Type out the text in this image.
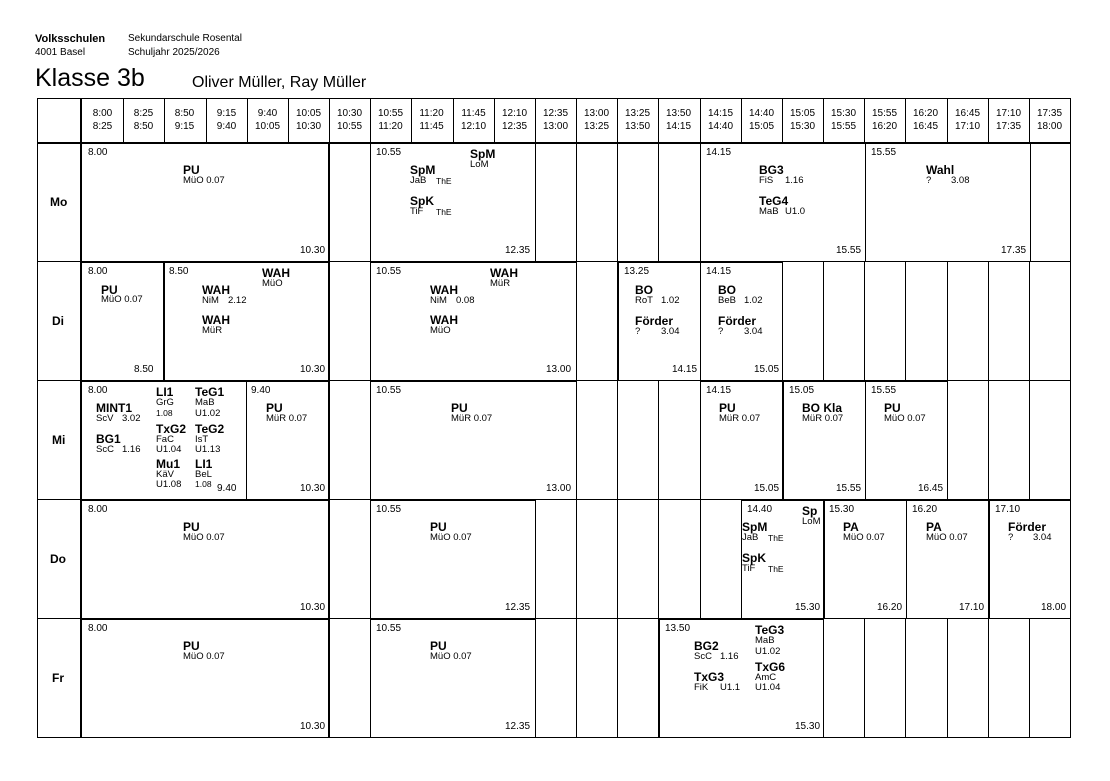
Volksschulen
4001 Basel
Sekundarschule Rosental
Schuljahr 2025/2026
Klasse 3b	Oliver Müller, Ray Müller
Mo
Di
Mi
Do
Fr
8:00
8:25
8:25
8:50
8:50
9:15
9:15
9:40
9:40
10:05
10:05
10:30
10:30
10:55
10:55
11:20
11:20
11:45
11:45
12:10
12:10
12:35
12:35
13:00
13:00
13:25
13:25
13:50
13:50
14:15
14:15
14:40
14:40
15:05
15:05
15:30
15:30
15:55
15:55
16:20
16:20
16:45
16:45
17:10
17:10
17:35
17:35
18:00
8.00
PU
MüO 0.07
10.30
10.55
SpM
JaB ThE
SpM
LoM
SpK
TiF ThE
12.35
14.15
BG3
FiS 1.16
TeG4
MaB U1.0
15.55
15.55
Wahl
? 3.08
17.35
8.00
PU
MüO 0.07
8.50
8.50
WAH
NiM 2.12
WAH
MüO
WAH
MüR
10.30
10.55
WAH
NiM 0.08
WAH
MüR
WAH
MüO
13.00
13.25
BO
RoT 1.02
Förder
? 3.04
14.15
14.15
BO
BeB 1.02
Förder
? 3.04
15.05
8.00
MINT1
ScV 3.02
BG1
ScC 1.16
LI1
GrG
1.08
TeG1
MaB
U1.02
TxG2
FaC
U1.04
TeG2
IsT
U1.13
Mu1
KäV
U1.08
LI1
BeL
1.08 9.40
9.40
PU
MüR 0.07
10.30
10.55
PU
MüR 0.07
13.00
14.15
PU
MüR 0.07
15.05
15.05
BO Kla
MüR 0.07
15.55
15.55
PU
MüO 0.07
16.45
8.00
PU
MüO 0.07
10.30
10.55
PU
MüO 0.07
12.35
14.40
SpM
JaB ThE
Sp
LoM
SpK
TiF ThE
15.30
15.30
PA
MüO 0.07
16.20
16.20
PA
MüO 0.07
17.10
17.10
Förder
? 3.04
18.00
8.00
PU
MüO 0.07
10.30
10.55
PU
MüO 0.07
12.35
13.50
BG2
ScC 1.16
TxG3
FiK U1.1
TeG3
MaB
U1.02
TxG6
AmC
U1.04
15.30
